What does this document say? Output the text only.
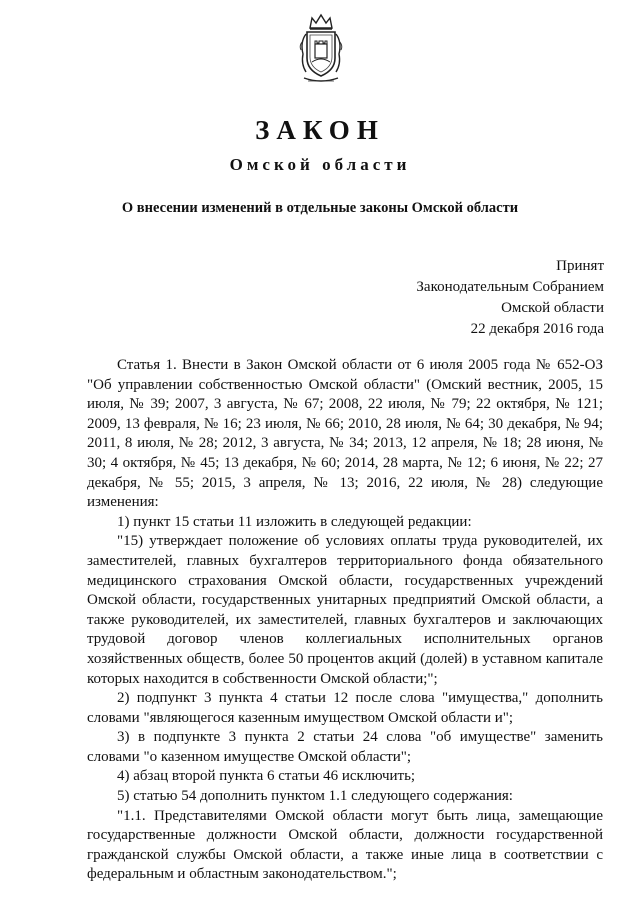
ЗАКОН
Омской области
О внесении изменений в отдельные законы Омской области
Принят
Законодательным Собранием
Омской области
22 декабря 2016 года

Статья 1. Внести в Закон Омской области от 6 июля 2005 года № 652-ОЗ "Об управлении собственностью Омской области" (Омский вестник, 2005, 15 июля, № 39; 2007, 3 августа, № 67; 2008, 22 июля, № 79; 22 октября, № 121; 2009, 13 февраля, № 16; 23 июля, № 66; 2010, 28 июля, № 64; 30 декабря, № 94; 2011, 8 июля, № 28; 2012, 3 августа, № 34; 2013, 12 апреля, № 18; 28 июня, № 30; 4 октября, № 45; 13 декабря, № 60; 2014, 28 марта, № 12; 6 июня, № 22; 27 декабря, № 55; 2015, 3 апреля, № 13; 2016, 22 июля, № 28) следующие изменения:

1) пункт 15 статьи 11 изложить в следующей редакции:

"15) утверждает положение об условиях оплаты труда руководителей, их заместителей, главных бухгалтеров территориального фонда обязательного медицинского страхования Омской области, государственных учреждений Омской области, государственных унитарных предприятий Омской области, а также руководителей, их заместителей, главных бухгалтеров и заключающих трудовой договор членов коллегиальных исполнительных органов хозяйственных обществ, более 50 процентов акций (долей) в уставном капитале которых находится в собственности Омской области;";

2) подпункт 3 пункта 4 статьи 12 после слова "имущества," дополнить словами "являющегося казенным имуществом Омской области и";

3) в подпункте 3 пункта 2 статьи 24 слова "об имуществе" заменить словами "о казенном имуществе Омской области";

4) абзац второй пункта 6 статьи 46 исключить;

5) статью 54 дополнить пунктом 1.1 следующего содержания:

"1.1. Представителями Омской области могут быть лица, замещающие государственные должности Омской области, должности государственной гражданской службы Омской области, а также иные лица в соответствии с федеральным и областным законодательством.";
